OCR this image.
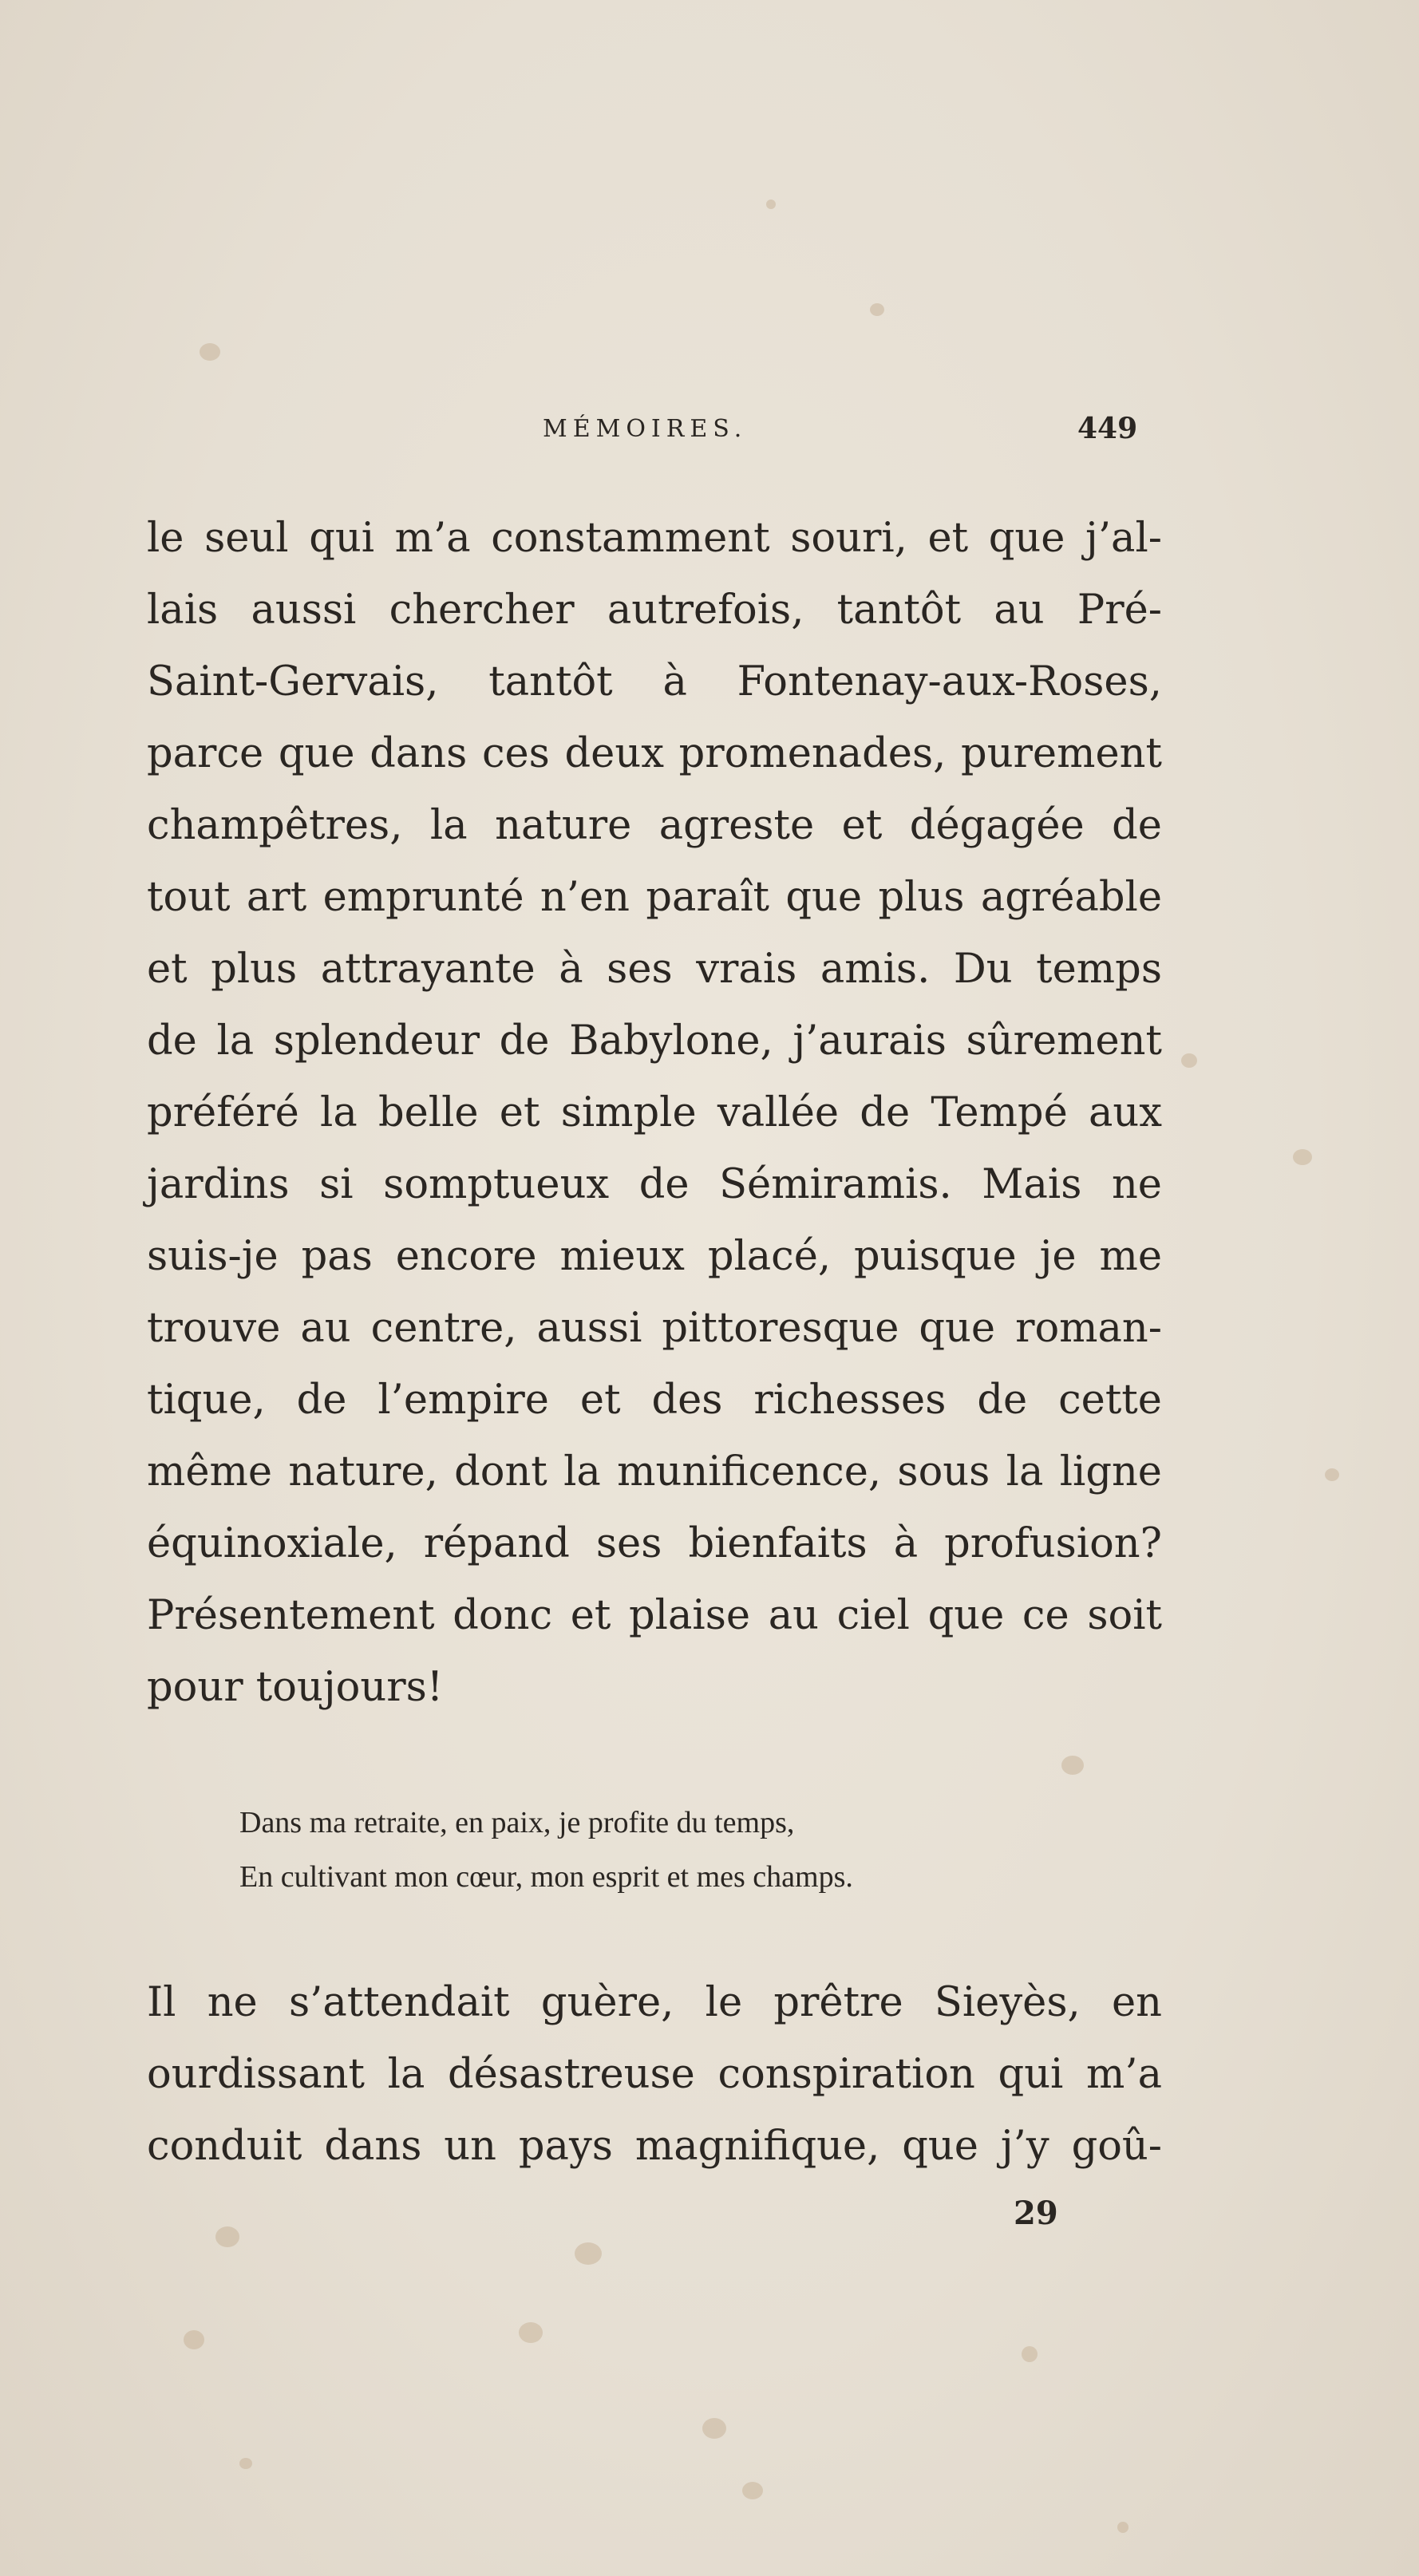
MÉMOIRES.	449
le seul qui m’a constamment souri, et que j’al-
lais aussi chercher autrefois, tantôt au Pré-
Saint-Gervais, tantôt à Fontenay-aux-Roses,
parce que dans ces deux promenades, purement
champêtres, la nature agreste et dégagée de
tout art emprunté n’en paraît que plus agréable
et plus attrayante à ses vrais amis. Du temps
de la splendeur de Babylone, j’aurais sûrement
préféré la belle et simple vallée de Tempé aux
jardins si somptueux de Sémiramis. Mais ne
suis-je pas encore mieux placé, puisque je me
trouve au centre, aussi pittoresque que roman-
tique, de l’empire et des richesses de cette
même nature, dont la munificence, sous la ligne
équinoxiale, répand ses bienfaits à profusion?
Présentement donc et plaise au ciel que ce soit
pour toujours!
Dans ma retraite, en paix, je profite du temps,
En cultivant mon cœur, mon esprit et mes champs.
Il ne s’attendait guère, le prêtre Sieyès, en
ourdissant la désastreuse conspiration qui m’a
conduit dans un pays magnifique, que j’y goû-
29
